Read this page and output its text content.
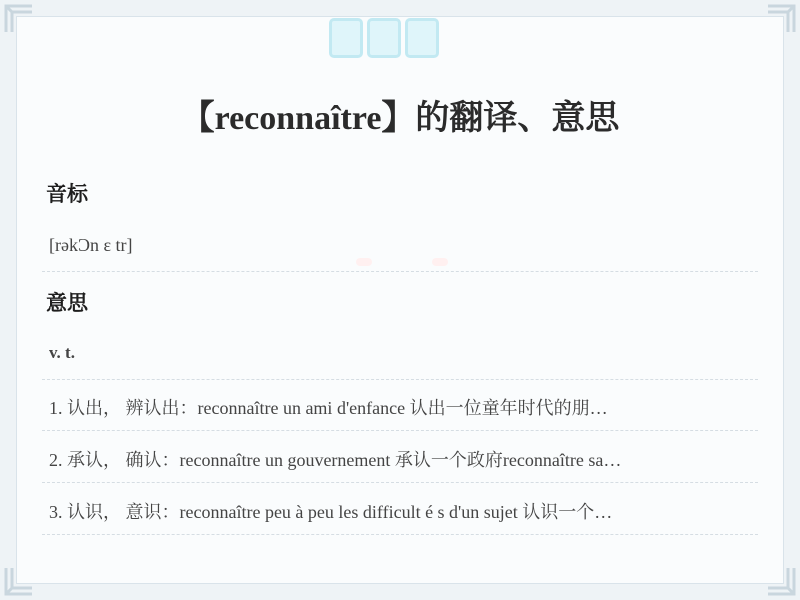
【reconnaître】的翻译、意思
音标
[rəkƆn ɛ tr]
意思
v. t.
1. 认出， 辨认出：reconnaître un ami d'enfance 认出一位童年时代的朋…
2. 承认， 确认：reconnaître un gouvernement 承认一个政府reconnaître sa…
3. 认识， 意识：reconnaître peu à peu les difficult é s d'un sujet 认识一个…
